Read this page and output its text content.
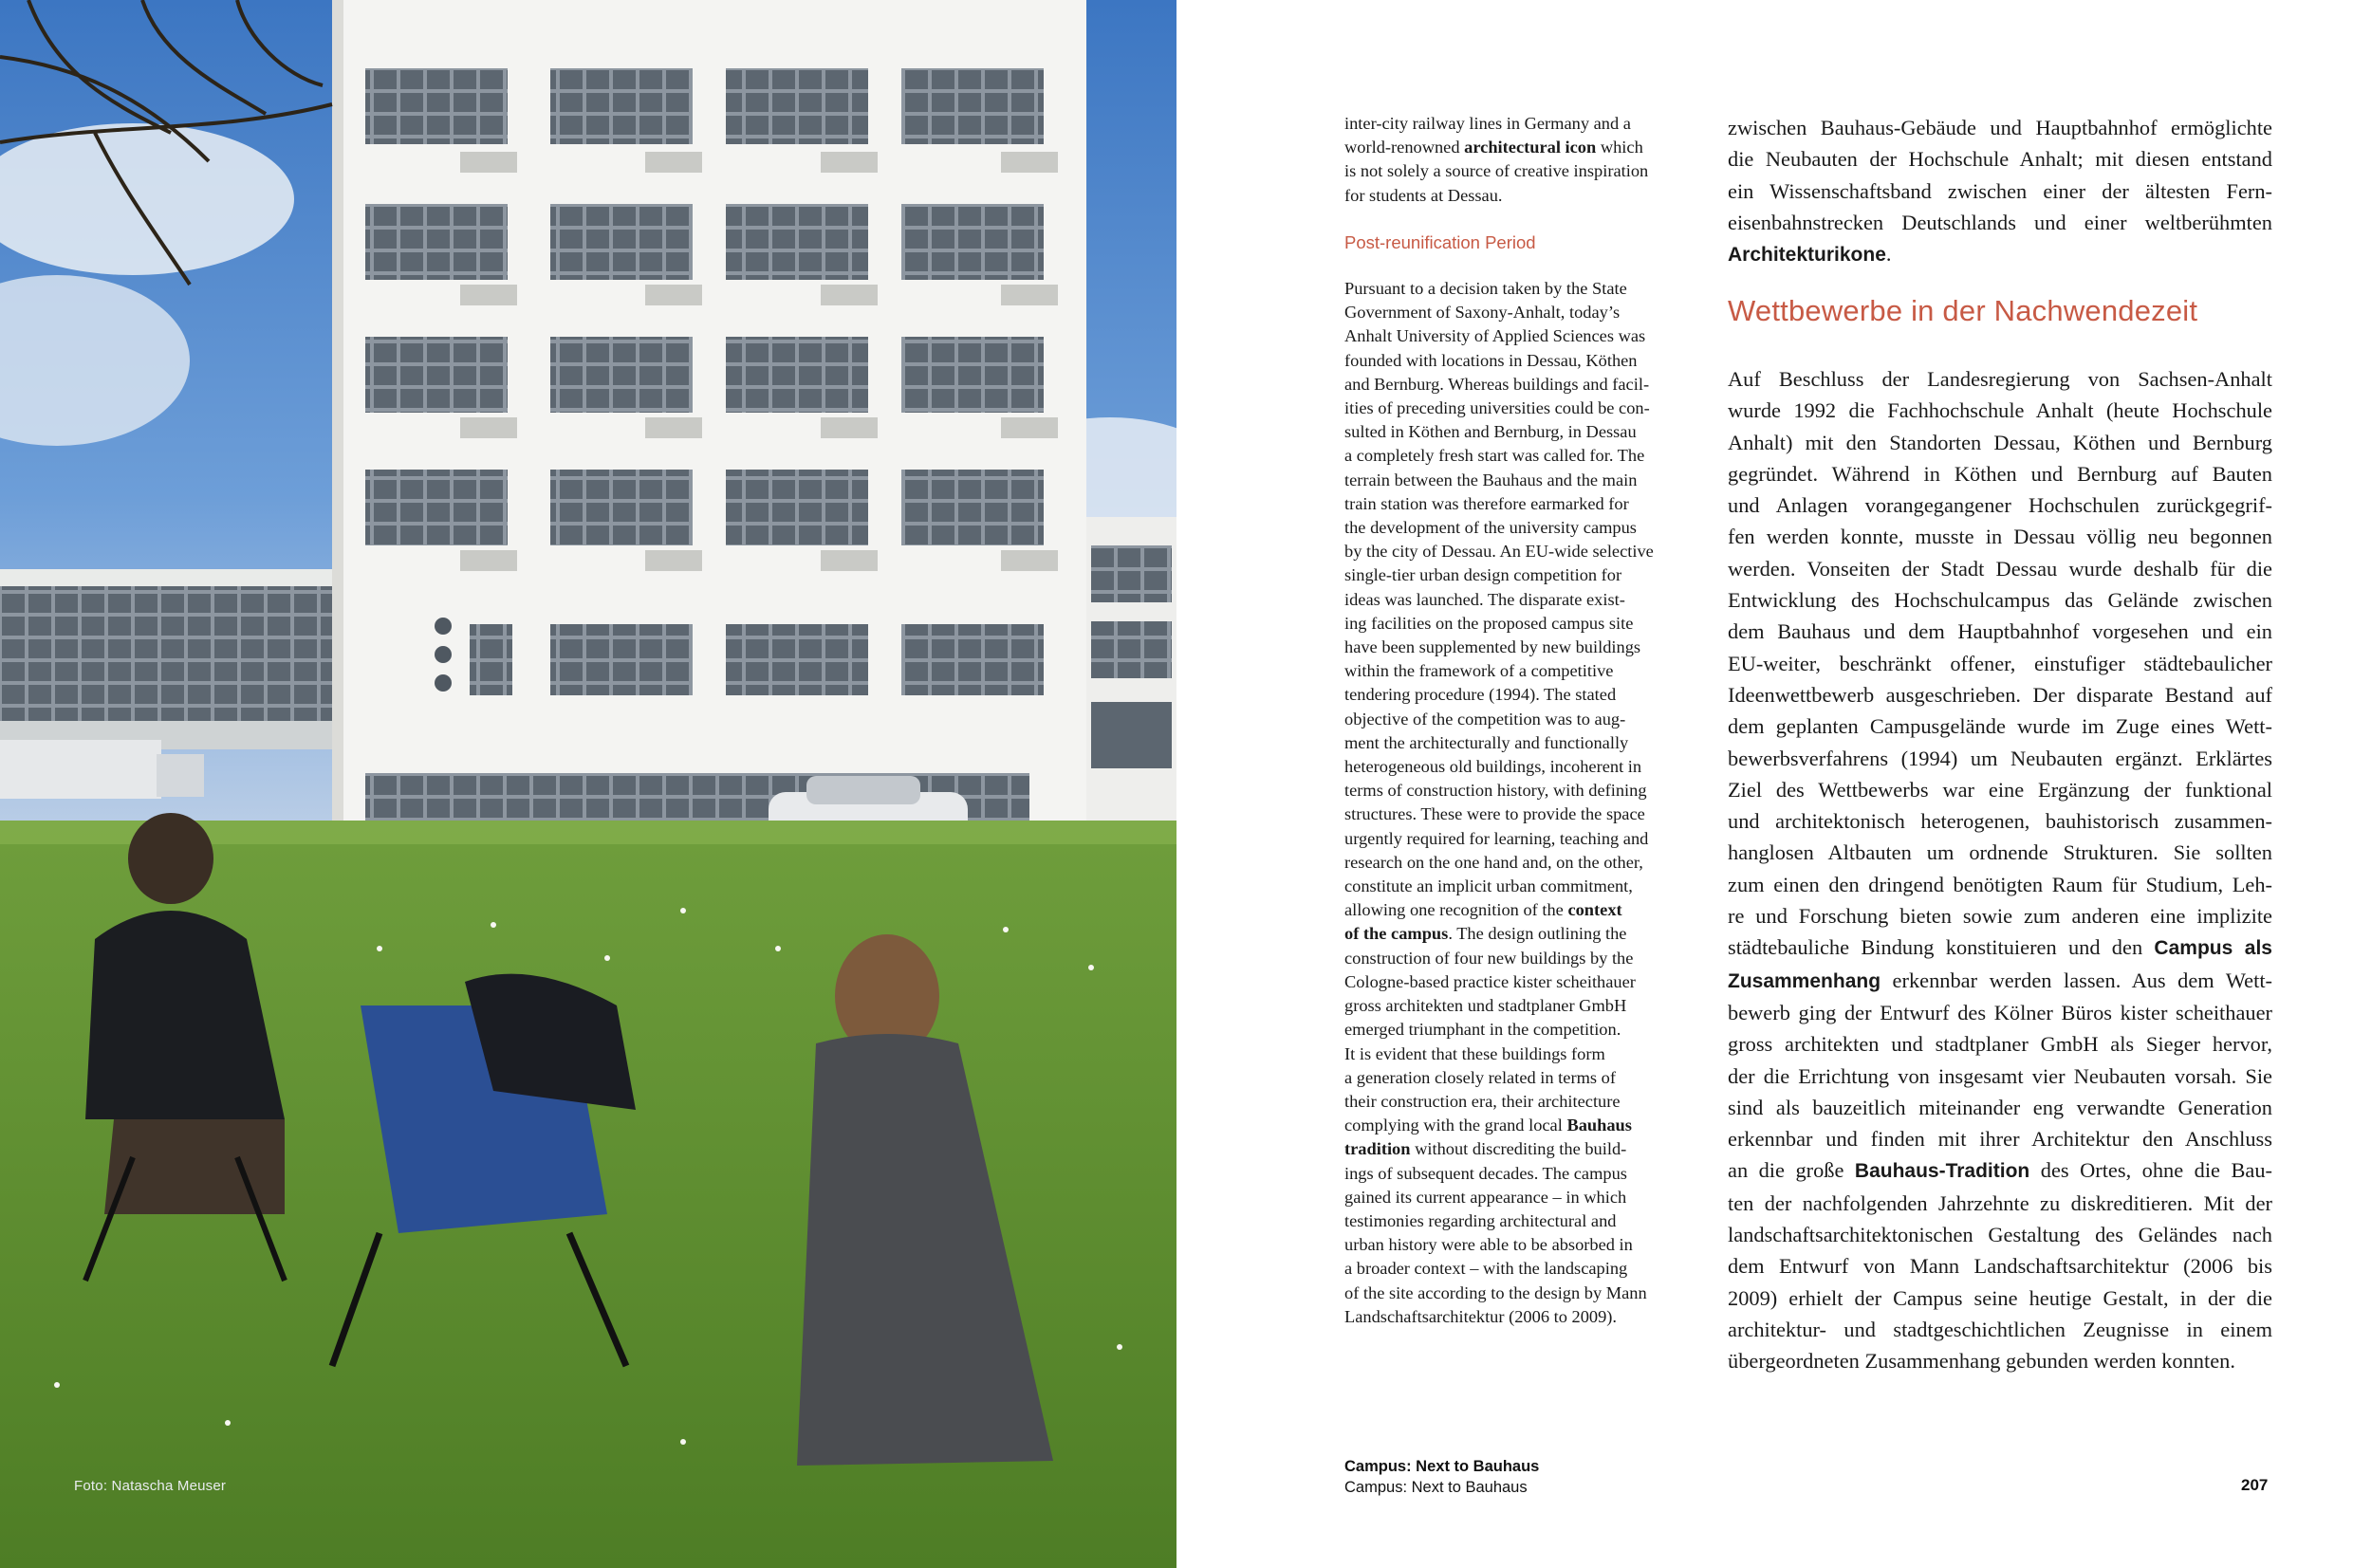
Foto: Natascha Meuser
inter-city railway lines in Germany and a
world-renowned architectural icon which
is not solely a source of creative inspiration
for students at Dessau.
Post-reunification Period
Pursuant to a decision taken by the State
Government of Saxony-Anhalt, today’s
Anhalt University of Applied Sciences was
founded with locations in Dessau, Köthen
and Bernburg. Whereas buildings and facil-
ities of preceding universities could be con-
sulted in Köthen and Bernburg, in Dessau
a completely fresh start was called for. The
terrain between the Bauhaus and the main
train station was therefore earmarked for
the development of the university campus
by the city of Dessau. An EU-wide selective
single-tier urban design competition for
ideas was launched. The disparate exist-
ing facilities on the proposed campus site
have been supplemented by new buildings
within the framework of a competitive
tendering procedure (1994). The stated
objective of the competition was to aug-
ment the architecturally and functionally
heterogeneous old buildings, incoherent in
terms of construction history, with defining
structures. These were to provide the space
urgently required for learning, teaching and
research on the one hand and, on the other,
constitute an implicit urban commitment,
allowing one recognition of the context
of the campus. The design outlining the
construction of four new buildings by the
Cologne-based practice kister scheithauer
gross architekten und stadtplaner GmbH
emerged triumphant in the competition.
It is evident that these buildings form
a generation closely related in terms of
their construction era, their architecture
complying with the grand local Bauhaus
tradition without discrediting the build-
ings of subsequent decades. The campus
gained its current appearance – in which
testimonies regarding architectural and
urban history were able to be absorbed in
a broader context – with the landscaping
of the site according to the design by Mann
Landschaftsarchitektur (2006 to 2009).
zwischen Bauhaus-Gebäude und Hauptbahnhof ermöglichte
die Neubauten der Hochschule Anhalt; mit diesen entstand
ein Wissenschaftsband zwischen einer der ältesten Fern-
eisenbahnstrecken Deutschlands und einer weltberühmten
Architekturikone.
Wettbewerbe in der Nachwendezeit
Auf Beschluss der Landesregierung von Sachsen-Anhalt
wurde 1992 die Fachhochschule Anhalt (heute Hochschule
Anhalt) mit den Standorten Dessau, Köthen und Bernburg
gegründet. Während in Köthen und Bernburg auf Bauten
und Anlagen vorangegangener Hochschulen zurückgegrif-
fen werden konnte, musste in Dessau völlig neu begonnen
werden. Vonseiten der Stadt Dessau wurde deshalb für die
Entwicklung des Hochschulcampus das Gelände zwischen
dem Bauhaus und dem Hauptbahnhof vorgesehen und ein
EU-weiter, beschränkt offener, einstufiger städtebaulicher
Ideenwettbewerb ausgeschrieben. Der disparate Bestand auf
dem geplanten Campusgelände wurde im Zuge eines Wett-
bewerbsverfahrens (1994) um Neubauten ergänzt. Erklärtes
Ziel des Wettbewerbs war eine Ergänzung der funktional
und architektonisch heterogenen, bauhistorisch zusammen-
hanglosen Altbauten um ordnende Strukturen. Sie sollten
zum einen den dringend benötigten Raum für Studium, Leh-
re und Forschung bieten sowie zum anderen eine implizite
städtebauliche Bindung konstituieren und den Campus als
Zusammenhang erkennbar werden lassen. Aus dem Wett-
bewerb ging der Entwurf des Kölner Büros kister scheithauer
gross architekten und stadtplaner GmbH als Sieger hervor,
der die Errichtung von insgesamt vier Neubauten vorsah. Sie
sind als bauzeitlich miteinander eng verwandte Generation
erkennbar und finden mit ihrer Architektur den Anschluss
an die große Bauhaus-Tradition des Ortes, ohne die Bau-
ten der nachfolgenden Jahrzehnte zu diskreditieren. Mit der
landschaftsarchitektonischen Gestaltung des Geländes nach
dem Entwurf von Mann Landschaftsarchitektur (2006 bis
2009) erhielt der Campus seine heutige Gestalt, in der die
architektur- und stadtgeschichtlichen Zeugnisse in einem
übergeordneten Zusammenhang gebunden werden konnten.
Campus: Next to Bauhaus
Campus: Next to Bauhaus	207
